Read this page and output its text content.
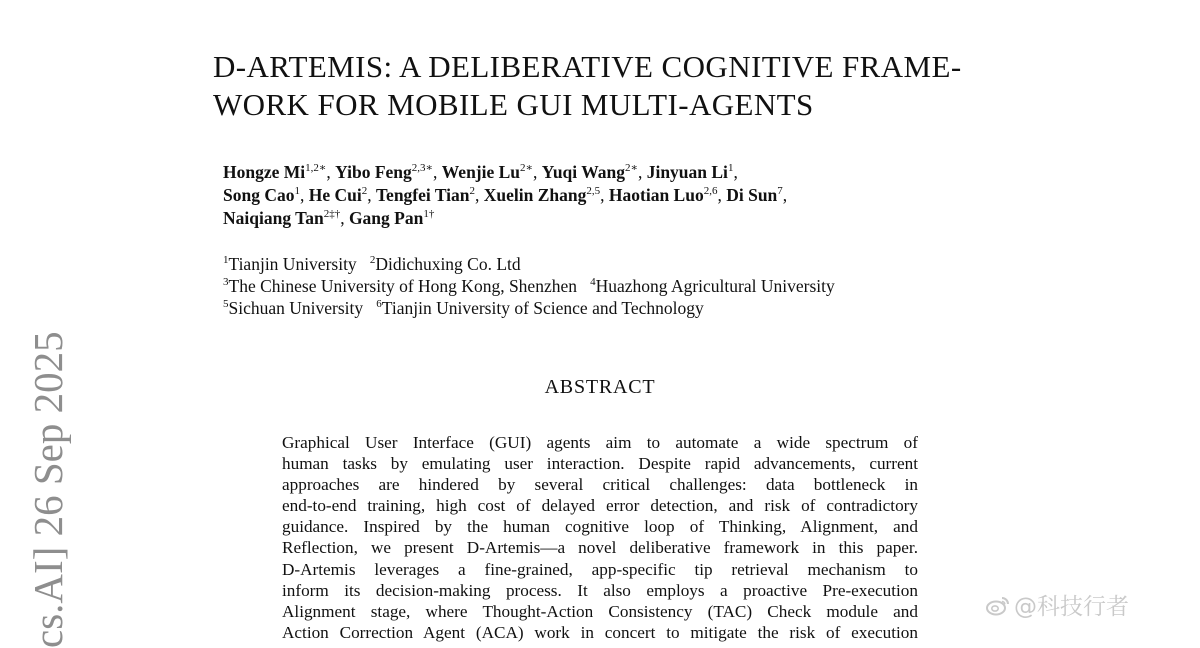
D-ARTEMIS: A DELIBERATIVE COGNITIVE FRAME-
WORK FOR MOBILE GUI MULTI-AGENTS
Hongze $Mi^{1,2∗}$, Yibo Feng$^{2,3∗}$, Wenjie $Lu^{2∗}$, Yuqi Wang$^{2∗}$, Jinyuan Li$^1$,
Song Cao$^1$, He Cui$^2$, Tengfei Tian$^2$, Xuelin Zhang$^{2,5}$, Haotian Luo$^{2,6}$, Di Sun$^7$,
Naiqiang Tan$^{2\ddagger\dagger}$, Gang Pan$^{1\dagger}$
$^1$Tianjin University $^2$Didichuxing Co. Ltd
$^3$The Chinese University of Hong Kong, Shenzhen $^4$Huazhong Agricultural University
$^5$Sichuan University $^6$Tianjin University of Science and Technology
ABSTRACT
Graphical User Interface (GUI) agents aim to automate a wide spectrum of
human tasks by emulating user interaction. Despite rapid advancements, current
approaches are hindered by several critical challenges: data bottleneck in
end-to-end training, high cost of delayed error detection, and risk of contradictory
guidance. Inspired by the human cognitive loop of Thinking, Alignment, and
Reflection, we present D-Artemis—a novel deliberative framework in this paper.
D-Artemis leverages a fine-grained, app-specific tip retrieval mechanism to
inform its decision-making process. It also employs a proactive Pre-execution
Alignment stage, where Thought-Action Consistency (TAC) Check module and
Action Correction Agent (ACA) work in concert to mitigate the risk of execution
cs.AI] 26 Sep 2025	@科技行者
